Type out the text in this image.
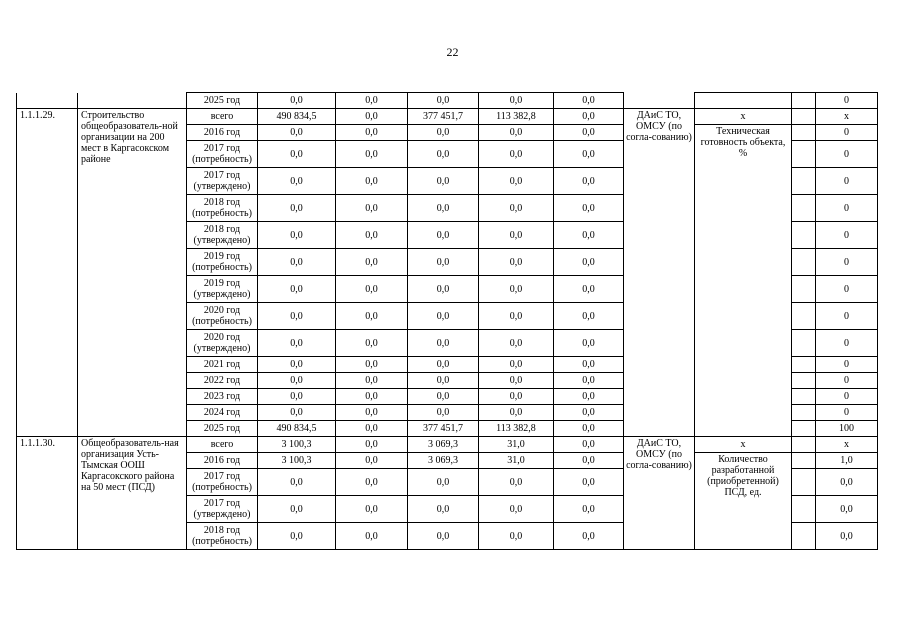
22
		2025 год	0,0	0,0	0,0	0,0	0,0				0
1.1.1.29.	Строительство общеобразователь-ной организации на 200 мест в Каргасокском районе	всего	490 834,5	0,0	377 451,7	113 382,8	0,0	ДАиС ТО, ОМСУ (по согла-сованию)	x		x
		2016 год	0,0	0,0	0,0	0,0	0,0		Техническая готовность объекта, %		0
		2017 год (потребность)	0,0	0,0	0,0	0,0	0,0				0
		2017 год (утверждено)	0,0	0,0	0,0	0,0	0,0				0
		2018 год (потребность)	0,0	0,0	0,0	0,0	0,0				0
		2018 год (утверждено)	0,0	0,0	0,0	0,0	0,0				0
		2019 год (потребность)	0,0	0,0	0,0	0,0	0,0				0
		2019 год (утверждено)	0,0	0,0	0,0	0,0	0,0				0
		2020 год (потребность)	0,0	0,0	0,0	0,0	0,0				0
		2020 год (утверждено)	0,0	0,0	0,0	0,0	0,0				0
		2021 год	0,0	0,0	0,0	0,0	0,0				0
		2022 год	0,0	0,0	0,0	0,0	0,0				0
		2023 год	0,0	0,0	0,0	0,0	0,0				0
		2024 год	0,0	0,0	0,0	0,0	0,0				0
		2025 год	490 834,5	0,0	377 451,7	113 382,8	0,0				100
1.1.1.30.	Общеобразователь-ная организация Усть-Тымская ООШ Каргасокского района на 50 мест (ПСД)	всего	3 100,3	0,0	3 069,3	31,0	0,0	ДАиС ТО, ОМСУ (по согла-сованию)	x		x
		2016 год	3 100,3	0,0	3 069,3	31,0	0,0		Количество разработанной (приобретенной) ПСД, ед.		1,0
		2017 год (потребность)	0,0	0,0	0,0	0,0	0,0				0,0
		2017 год (утверждено)	0,0	0,0	0,0	0,0	0,0				0,0
		2018 год (потребность)	0,0	0,0	0,0	0,0	0,0				0,0
